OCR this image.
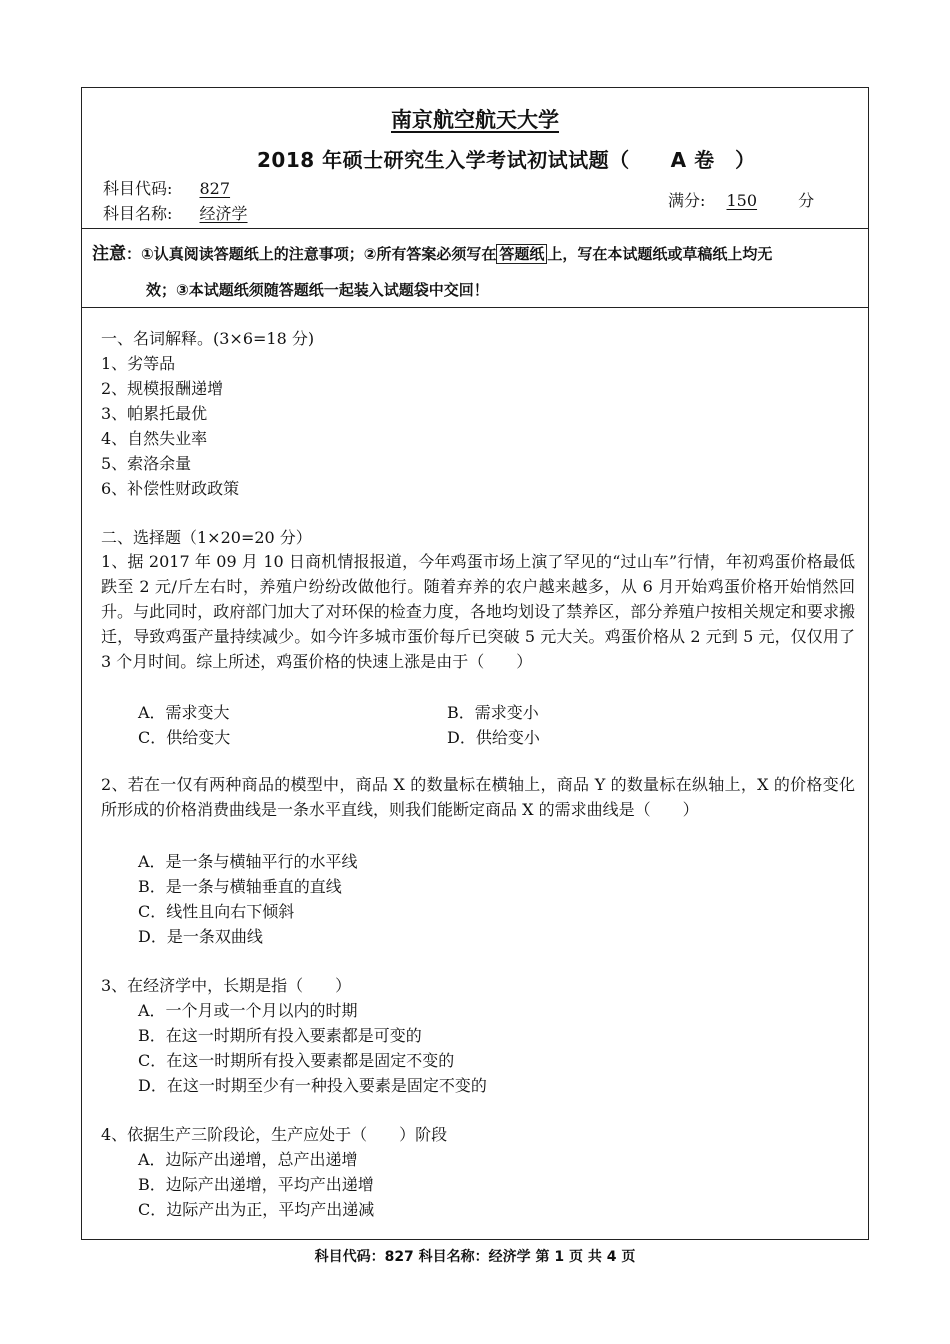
南京航空航天大学
2018 年硕士研究生入学考试初试试题（　　A 卷　）
科目代码: 827
科目名称: 经济学
满分: 150	分
注意：①认真阅读答题纸上的注意事项；②所有答案必须写在 答题纸 上，写在本试题纸或草稿纸上均无
效；③本试题纸须随答题纸一起装入试题袋中交回！
一、名词解释。(3×6=18 分)
1、劣等品
2、规模报酬递增
3、帕累托最优
4、自然失业率
5、索洛余量
6、补偿性财政政策
二、选择题（1×20=20 分）
1、据 2017 年 09 月 10 日商机情报报道，今年鸡蛋市场上演了罕见的“过山车”行情，年初鸡蛋价格最低跌至 2 元/斤左右时，养殖户纷纷改做他行。随着弃养的农户越来越多，从 6 月开始鸡蛋价格开始悄然回升。与此同时，政府部门加大了对环保的检查力度，各地均划设了禁养区，部分养殖户按相关规定和要求搬迁，导致鸡蛋产量持续减少。如今许多城市蛋价每斤已突破 5 元大关。鸡蛋价格从 2 元到 5 元，仅仅用了 3 个月时间。综上所述，鸡蛋价格的快速上涨是由于（　　）
A．需求变大	B．需求变小
C．供给变大	D．供给变小
2、若在一仅有两种商品的模型中，商品 X 的数量标在横轴上，商品 Y 的数量标在纵轴上，X 的价格变化所形成的价格消费曲线是一条水平直线，则我们能断定商品 X 的需求曲线是（　　）
A．是一条与横轴平行的水平线
B．是一条与横轴垂直的直线
C．线性且向右下倾斜
D．是一条双曲线
3、在经济学中，长期是指（　　）
A．一个月或一个月以内的时期
B．在这一时期所有投入要素都是可变的
C．在这一时期所有投入要素都是固定不变的
D．在这一时期至少有一种投入要素是固定不变的
4、依据生产三阶段论，生产应处于（　　）阶段
A．边际产出递增，总产出递增
B．边际产出递增，平均产出递增
C．边际产出为正，平均产出递减
科目代码：827 科目名称：经济学 第 1 页 共 4 页
